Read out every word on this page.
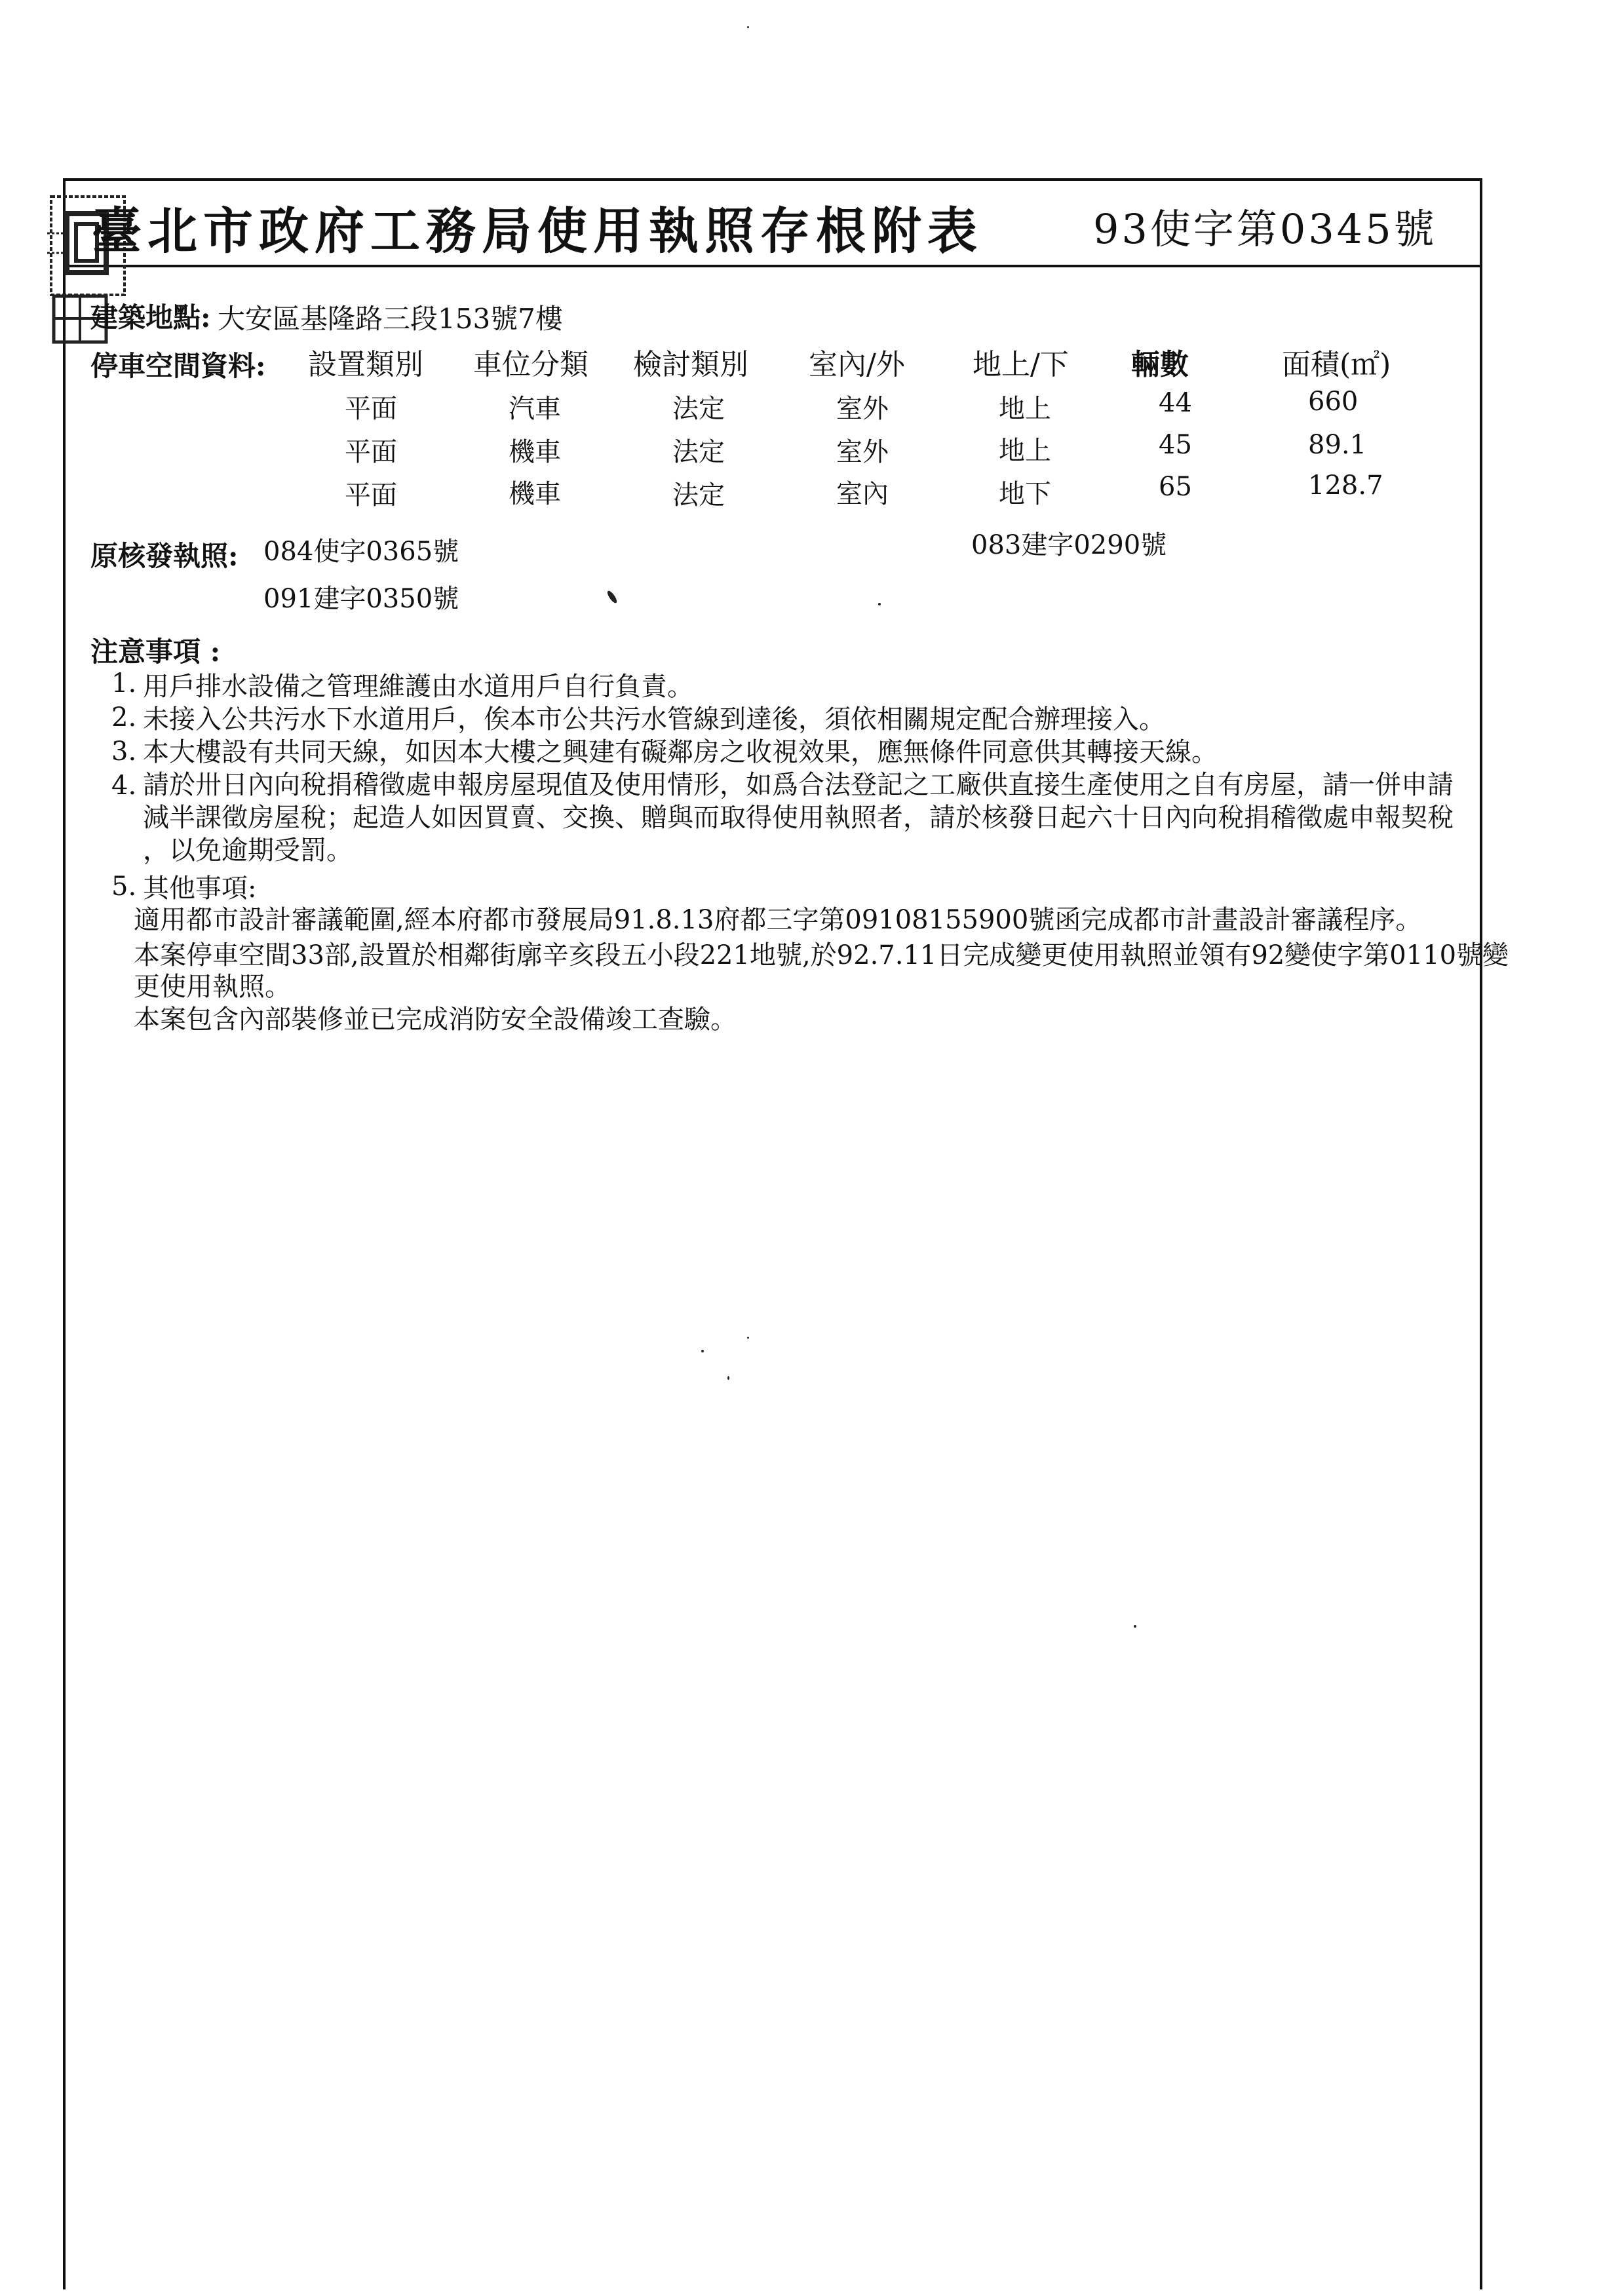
臺北市政府工務局使用執照存根附表	93使字第0345號
建築地點: 大安區基隆路三段153號7樓
停車空間資料: 設置類別 車位分類 檢討類別 室內/外 地上/下 輛數	面積(㎡)
平面	汽車	法定	室外	地上	44	660
平面	機車	法定	室外	地上	45	89.1
平面	機車	法定	室內	地下	65	128.7
原核發執照: 084使字0365號	083建字0290號
091建字0350號
注意事項 :
1. 用戶排水設備之管理維護由水道用戶自行負責。
2. 未接入公共污水下水道用戶，俟本市公共污水管線到達後，須依相關規定配合辦理接入。
3. 本大樓設有共同天線，如因本大樓之興建有礙鄰房之收視效果，應無條件同意供其轉接天線。
4. 請於卅日內向稅捐稽徵處申報房屋現值及使用情形，如爲合法登記之工廠供直接生產使用之自有房屋，請一併申請
減半課徵房屋稅；起造人如因買賣、交換、贈與而取得使用執照者，請於核發日起六十日內向稅捐稽徵處申報契稅
，以免逾期受罰。
5. 其他事項:
適用都市設計審議範圍,經本府都市發展局91.8.13府都三字第09108155900號函完成都市計畫設計審議程序。
本案停車空間33部,設置於相鄰街廓辛亥段五小段221地號,於92.7.11日完成變更使用執照並領有92變使字第0110號變
更使用執照。
本案包含內部裝修並已完成消防安全設備竣工查驗。
